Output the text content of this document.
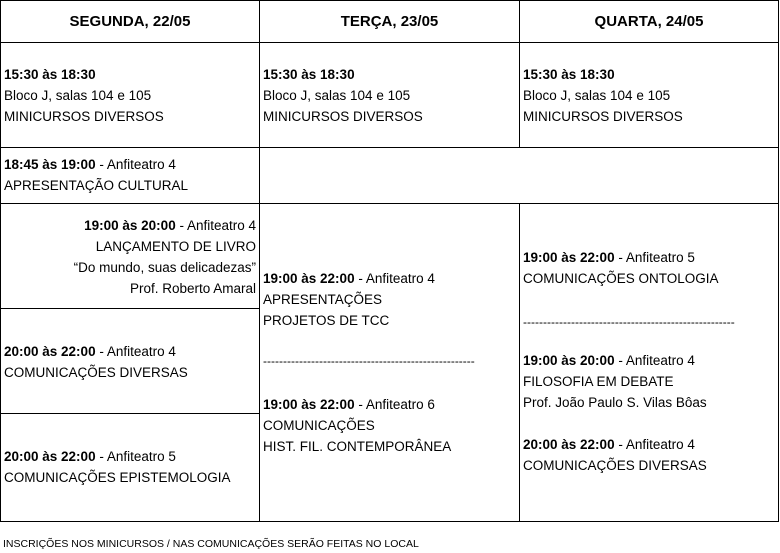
SEGUNDA, 22/05	TERÇA, 23/05	QUARTA, 24/05
15:30 às 18:30
Bloco J, salas 104 e 105
MINICURSOS DIVERSOS
15:30 às 18:30
Bloco J, salas 104 e 105
MINICURSOS DIVERSOS
15:30 às 18:30
Bloco J, salas 104 e 105
MINICURSOS DIVERSOS
18:45 às 19:00 - Anfiteatro 4
APRESENTAÇÃO CULTURAL
19:00 às 20:00 - Anfiteatro 4
LANÇAMENTO DE LIVRO
“Do mundo, suas delicadezas”
Prof. Roberto Amaral
20:00 às 22:00 - Anfiteatro 4
COMUNICAÇÕES DIVERSAS
20:00 às 22:00 - Anfiteatro 5
COMUNICAÇÕES EPISTEMOLOGIA
19:00 às 22:00 - Anfiteatro 4
APRESENTAÇÕES
PROJETOS DE TCC
-----------------------------------------------------
19:00 às 22:00 - Anfiteatro 6
COMUNICAÇÕES
HIST. FIL. CONTEMPORÂNEA
19:00 às 22:00 - Anfiteatro 5
COMUNICAÇÕES ONTOLOGIA
-----------------------------------------------------
19:00 às 20:00 - Anfiteatro 4
FILOSOFIA EM DEBATE
Prof. João Paulo S. Vilas Bôas
20:00 às 22:00 - Anfiteatro 4
COMUNICAÇÕES DIVERSAS
INSCRIÇÕES NOS MINICURSOS / NAS COMUNICAÇÕES SERÃO FEITAS NO LOCAL
